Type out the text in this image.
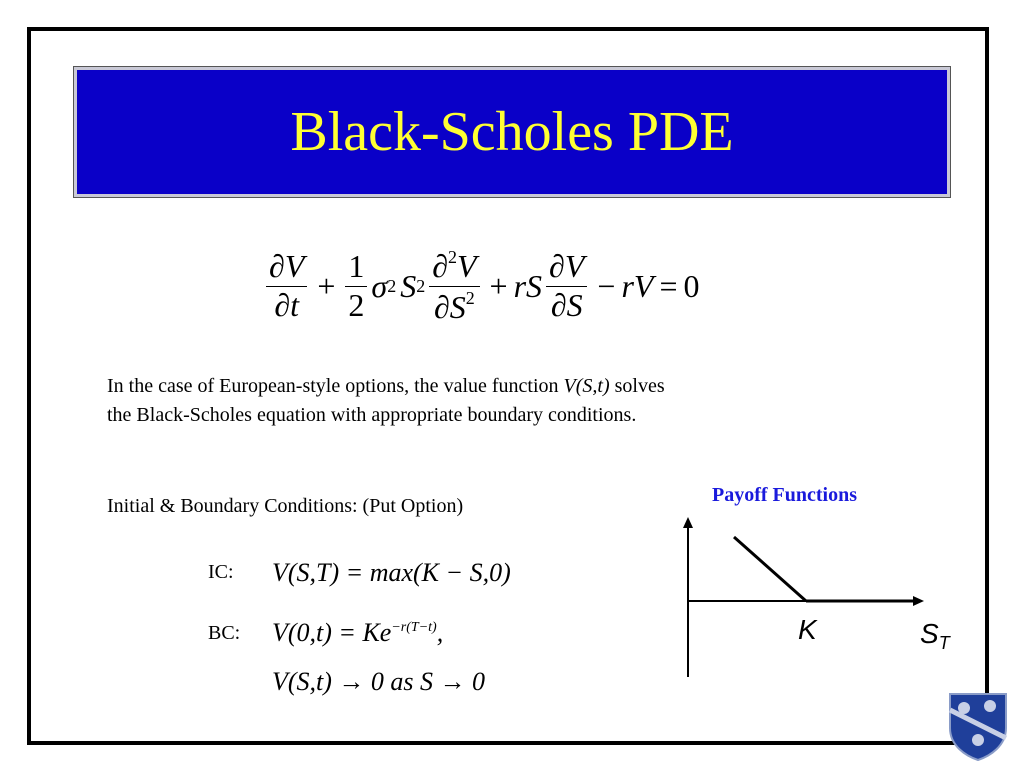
Black-Scholes PDE
$\frac{\partial V}{\partial t} + \frac{1}{2}$ σ 2 S $2 \frac{\partial^2V}{\partial S^2}$ + rS $\frac{\partial V}{\partial S}$ − rV = 0
In the case of European-style options, the value function V(S,t) solves
the Black-Scholes equation with appropriate boundary conditions.
Initial & Boundary Conditions: (Put Option)
IC: V(S,T) = max(K − S,0)
BC: $V(0,t) = Ke^{-r(T-t)}$,
V(S,t) → 0 as S → 0
Payoff Functions
K	$S_T$
